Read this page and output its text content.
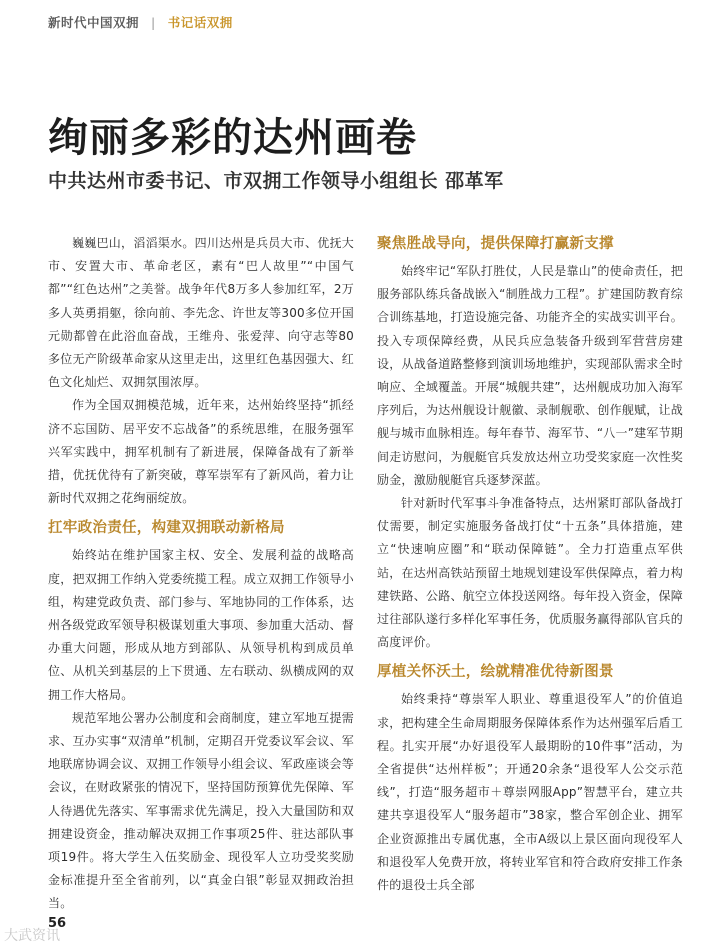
新时代中国双拥 | 书记话双拥
绚丽多彩的达州画卷
中共达州市委书记、市双拥工作领导小组组长 邵革军

巍巍巴山，滔滔渠水。四川达州是兵员大市、优抚大市、安置大市、革命老区，素有“巴人故里”“中国气都”“红色达州”之美誉。战争年代8万多人参加红军，2万多人英勇捐躯，徐向前、李先念、许世友等300多位开国元勋都曾在此浴血奋战，王维舟、张爱萍、向守志等80多位无产阶级革命家从这里走出，这里红色基因强大、红色文化灿烂、双拥氛围浓厚。

作为全国双拥模范城，近年来，达州始终坚持“抓经济不忘国防、居平安不忘战备”的系统思维，在服务强军兴军实践中，拥军机制有了新进展，保障备战有了新举措，优抚优待有了新突破，尊军崇军有了新风尚，着力让新时代双拥之花绚丽绽放。

扛牢政治责任，构建双拥联动新格局

始终站在维护国家主权、安全、发展利益的战略高度，把双拥工作纳入党委统揽工程。成立双拥工作领导小组，构建党政负责、部门参与、军地协同的工作体系，达州各级党政军领导积极谋划重大事项、参加重大活动、督办重大问题，形成从地方到部队、从领导机构到成员单位、从机关到基层的上下贯通、左右联动、纵横成网的双拥工作大格局。

规范军地公署办公制度和会商制度，建立军地互提需求、互办实事“双清单”机制，定期召开党委议军会议、军地联席协调会议、双拥工作领导小组会议、军政座谈会等会议，在财政紧张的情况下，坚持国防预算优先保障、军人待遇优先落实、军事需求优先满足，投入大量国防和双拥建设资金，推动解决双拥工作事项25件、驻达部队事项19件。将大学生入伍奖励金、现役军人立功受奖奖励金标准提升至全省前列，以“真金白银”彰显双拥政治担当。

聚焦胜战导向，提供保障打赢新支撑

始终牢记“军队打胜仗，人民是靠山”的使命责任，把服务部队练兵备战嵌入“制胜战力工程”。扩建国防教育综合训练基地，打造设施完备、功能齐全的实战实训平台。投入专项保障经费，从民兵应急装备升级到军营营房建设，从战备道路整修到演训场地维护，实现部队需求全时响应、全域覆盖。开展“城舰共建”，达州舰成功加入海军序列后，为达州舰设计舰徽、录制舰歌、创作舰赋，让战舰与城市血脉相连。每年春节、海军节、“八一”建军节期间走访慰问，为舰艇官兵发放达州立功受奖家庭一次性奖励金，激励舰艇官兵逐梦深蓝。

针对新时代军事斗争准备特点，达州紧盯部队备战打仗需要，制定实施服务备战打仗“十五条”具体措施，建立“快速响应圈”和“联动保障链”。全力打造重点军供站，在达州高铁站预留土地规划建设军供保障点，着力构建铁路、公路、航空立体投送网络。每年投入资金，保障过往部队遂行多样化军事任务，优质服务赢得部队官兵的高度评价。

厚植关怀沃土，绘就精准优待新图景

始终秉持“尊崇军人职业、尊重退役军人”的价值追求，把构建全生命周期服务保障体系作为达州强军后盾工程。扎实开展“办好退役军人最期盼的10件事”活动，为全省提供“达州样板”；开通20余条“退役军人公交示范线”，打造“服务超市＋尊崇网服App”智慧平台，建立共建共享退役军人“服务超市”38家，整合军创企业、拥军企业资源推出专属优惠，全市A级以上景区面向现役军人和退役军人免费开放，将转业军官和符合政府安排工作条件的退役士兵全部

56
大武资讯
